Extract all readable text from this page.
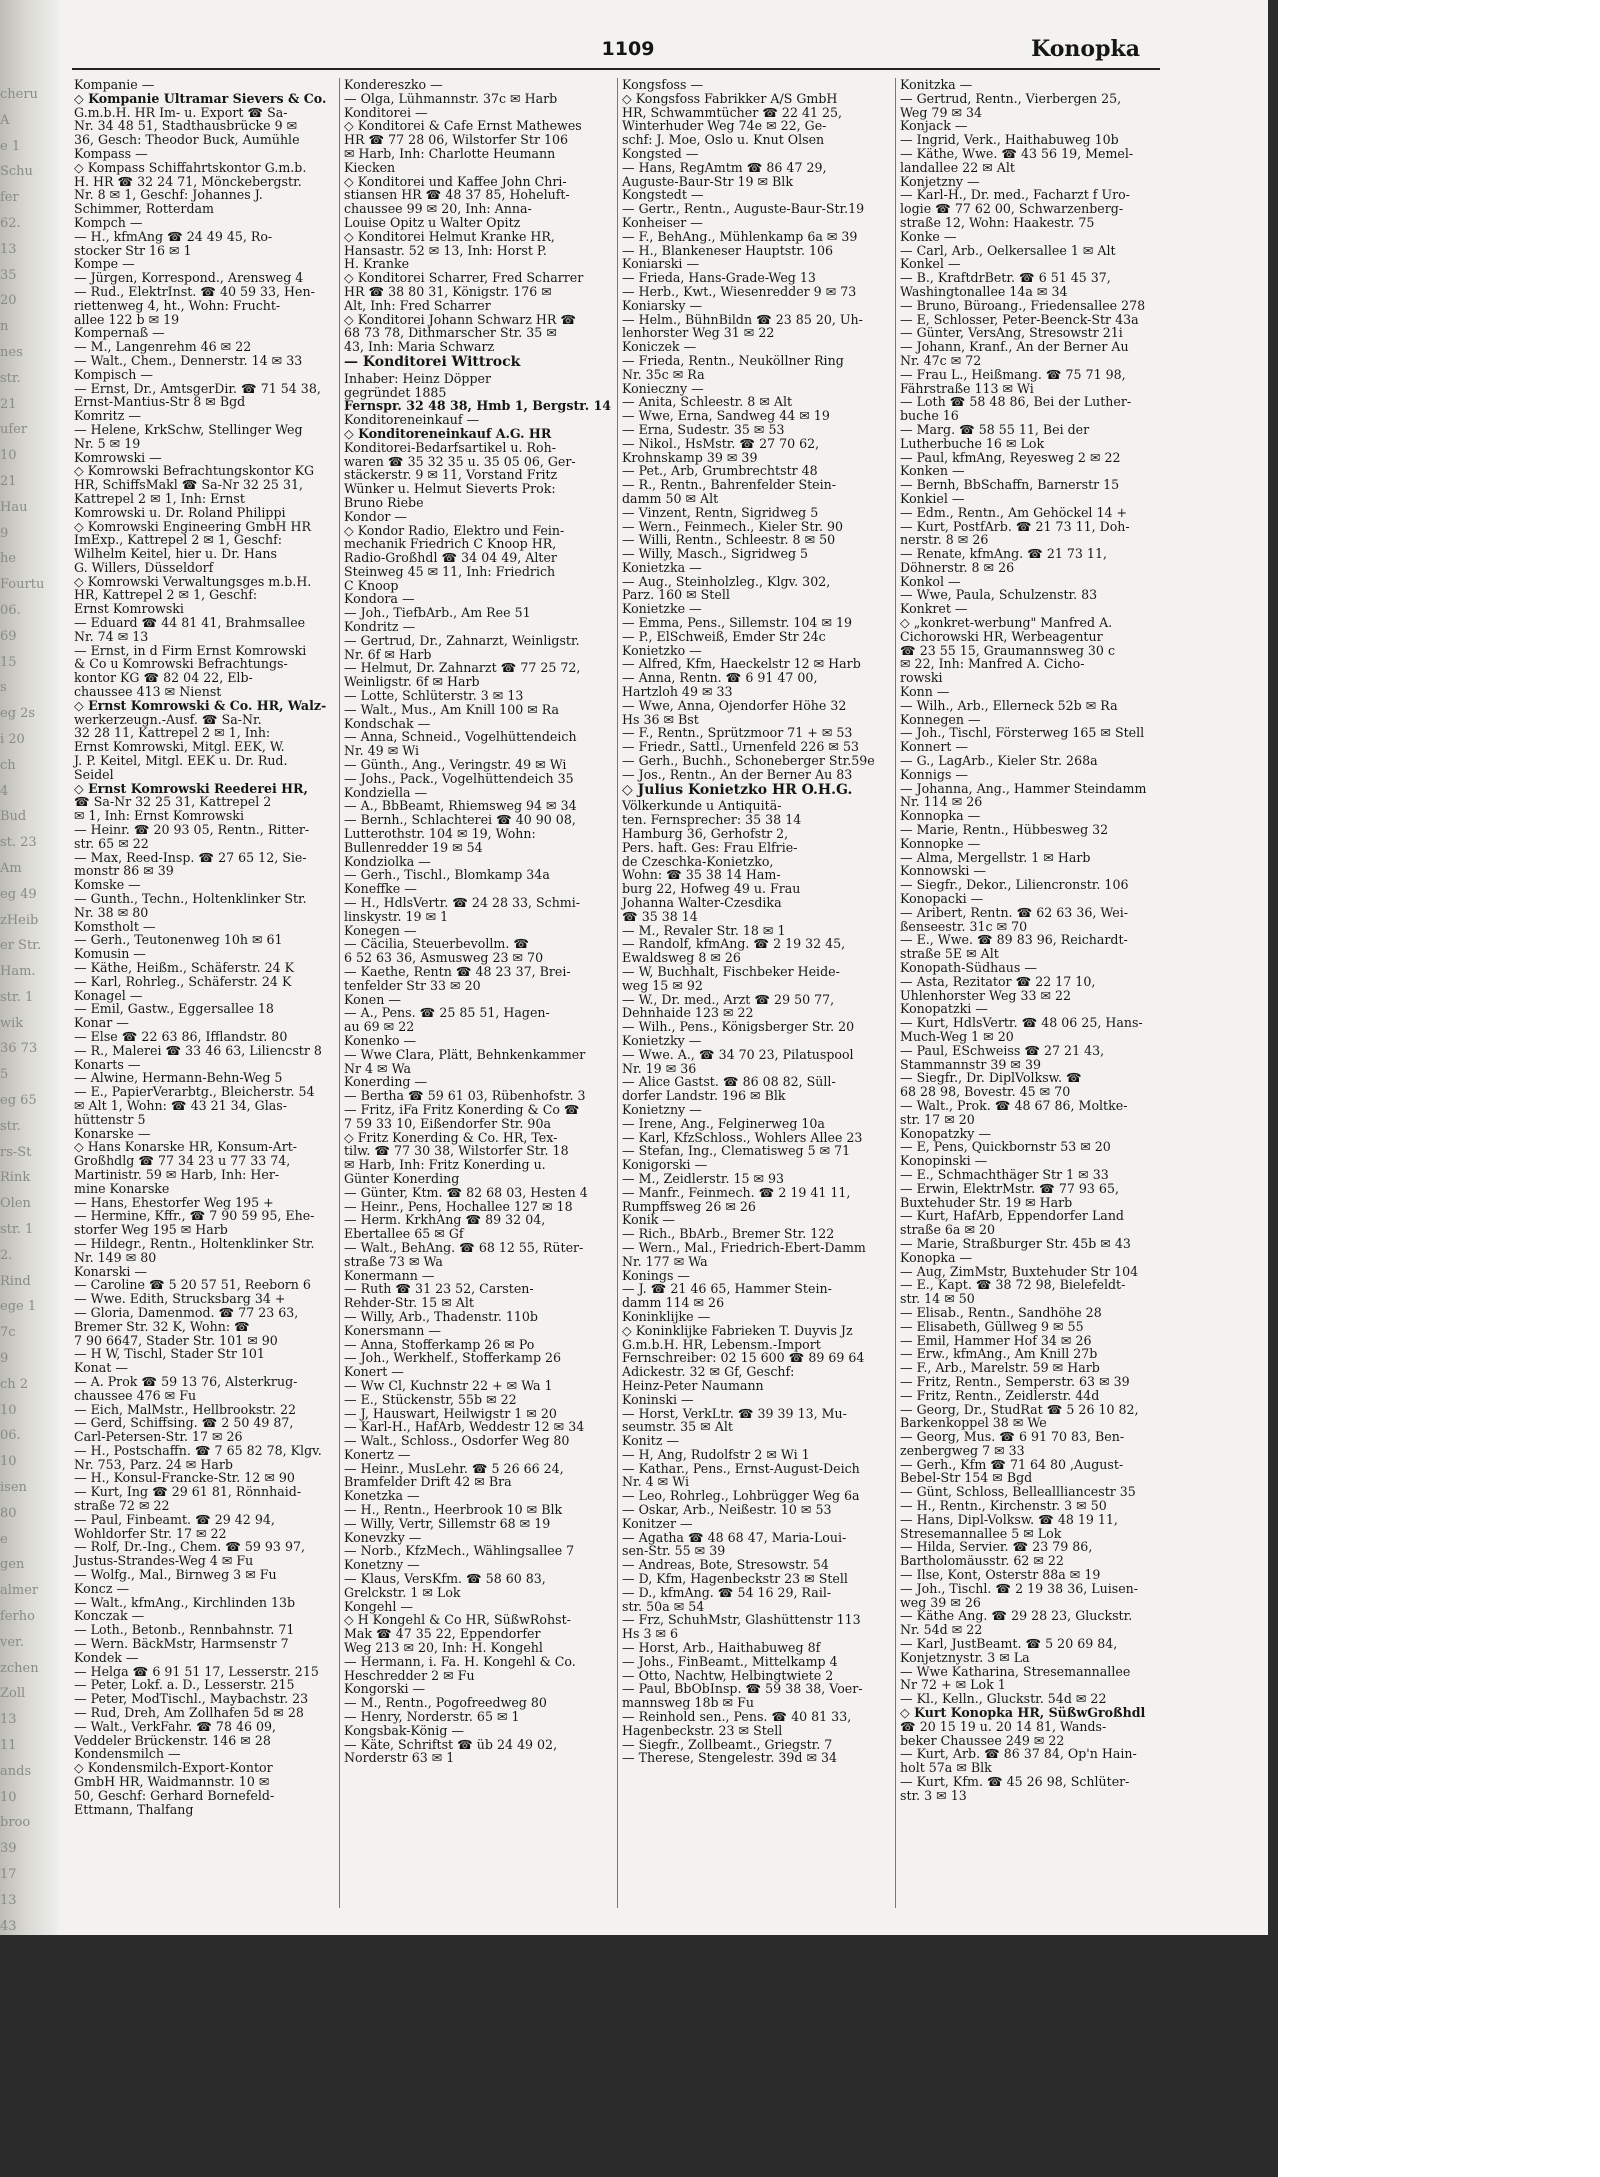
cheru
A
e 1
Schu
fer
62.
13
35
20
n
nes
str.
21
ufer
10
21
Hau
9
he
Fourtu
06.
69
15
s
eg 2s
i 20
ch
4
Bud
st. 23
Am
eg 49
zHeib
er Str.
Ham.
str. 1
wik
36 73
5
eg 65
str.
rs-St
Rink
Olen
str. 1
2.
Rind
ege 1
7c
9
ch 2
10
06.
10
isen
80
e
gen
almer
ferho
ver.
zchen
Zoll
13
11
ands
10
broo
39
17
13
43
1109	Konopka
Kompanie —
◇ Kompanie Ultramar Sievers & Co.
G.m.b.H. HR Im- u. Export ☎ Sa-
Nr. 34 48 51, Stadthausbrücke 9 ✉
36, Gesch: Theodor Buck, Aumühle
Kompass —
◇ Kompass Schiffahrtskontor G.m.b.
H. HR ☎ 32 24 71, Mönckebergstr.
Nr. 8 ✉ 1, Geschf: Johannes J.
Schimmer, Rotterdam
Kompch —
— H., kfmAng ☎ 24 49 45, Ro-
stocker Str 16 ✉ 1
Kompe —
— Jürgen, Korrespond., Arensweg 4
— Rud., ElektrInst. ☎ 40 59 33, Hen-
riettenweg 4, ht., Wohn: Frucht-
allee 122 b ✉ 19
Kompernaß —
— M., Langenrehm 46 ✉ 22
— Walt., Chem., Dennerstr. 14 ✉ 33
Kompisch —
— Ernst, Dr., AmtsgerDir. ☎ 71 54 38,
Ernst-Mantius-Str 8 ✉ Bgd
Komritz —
— Helene, KrkSchw, Stellinger Weg
Nr. 5 ✉ 19
Komrowski —
◇ Komrowski Befrachtungskontor KG
HR, SchiffsMakl ☎ Sa-Nr 32 25 31,
Kattrepel 2 ✉ 1, Inh: Ernst
Komrowski u. Dr. Roland Philippi
◇ Komrowski Engineering GmbH HR
ImExp., Kattrepel 2 ✉ 1, Geschf:
Wilhelm Keitel, hier u. Dr. Hans
G. Willers, Düsseldorf
◇ Komrowski Verwaltungsges m.b.H.
HR, Kattrepel 2 ✉ 1, Geschf:
Ernst Komrowski
— Eduard ☎ 44 81 41, Brahmsallee
Nr. 74 ✉ 13
— Ernst, in d Firm Ernst Komrowski
& Co u Komrowski Befrachtungs-
kontor KG ☎ 82 04 22, Elb-
chaussee 413 ✉ Nienst
◇ Ernst Komrowski & Co. HR, Walz-
werkerzeugn.-Ausf. ☎ Sa-Nr.
32 28 11, Kattrepel 2 ✉ 1, Inh:
Ernst Komrowski, Mitgl. EEK, W.
J. P. Keitel, Mitgl. EEK u. Dr. Rud.
Seidel
◇ Ernst Komrowski Reederei HR,
☎ Sa-Nr 32 25 31, Kattrepel 2
✉ 1, Inh: Ernst Komrowski
— Heinr. ☎ 20 93 05, Rentn., Ritter-
str. 65 ✉ 22
— Max, Reed-Insp. ☎ 27 65 12, Sie-
monstr 86 ✉ 39
Komske —
— Gunth., Techn., Holtenklinker Str.
Nr. 38 ✉ 80
Komstholt —
— Gerh., Teutonenweg 10h ✉ 61
Komusin —
— Käthe, Heißm., Schäferstr. 24 K
— Karl, Rohrleg., Schäferstr. 24 K
Konagel —
— Emil, Gastw., Eggersallee 18
Konar —
— Else ☎ 22 63 86, Ifflandstr. 80
— R., Malerei ☎ 33 46 63, Liliencstr 8
Konarts —
— Alwine, Hermann-Behn-Weg 5
— E., PapierVerarbtg., Bleicherstr. 54
✉ Alt 1, Wohn: ☎ 43 21 34, Glas-
hüttenstr 5
Konarske —
◇ Hans Konarske HR, Konsum-Art-
Großhdlg ☎ 77 34 23 u 77 33 74,
Martinistr. 59 ✉ Harb, Inh: Her-
mine Konarske
— Hans, Ehestorfer Weg 195 +
— Hermine, Kffr., ☎ 7 90 59 95, Ehe-
storfer Weg 195 ✉ Harb
— Hildegr., Rentn., Holtenklinker Str.
Nr. 149 ✉ 80
Konarski —
— Caroline ☎ 5 20 57 51, Reeborn 6
— Wwe. Edith, Strucksbarg 34 +
— Gloria, Damenmod. ☎ 77 23 63,
Bremer Str. 32 K, Wohn: ☎
7 90 6647, Stader Str. 101 ✉ 90
— H W, Tischl, Stader Str 101
Konat —
— A. Prok ☎ 59 13 76, Alsterkrug-
chaussee 476 ✉ Fu
— Eich, MalMstr., Hellbrookstr. 22
— Gerd, Schiffsing. ☎ 2 50 49 87,
Carl-Petersen-Str. 17 ✉ 26
— H., Postschaffn. ☎ 7 65 82 78, Klgv.
Nr. 753, Parz. 24 ✉ Harb
— H., Konsul-Francke-Str. 12 ✉ 90
— Kurt, Ing ☎ 29 61 81, Rönnhaid-
straße 72 ✉ 22
— Paul, Finbeamt. ☎ 29 42 94,
Wohldorfer Str. 17 ✉ 22
— Rolf, Dr.-Ing., Chem. ☎ 59 93 97,
Justus-Strandes-Weg 4 ✉ Fu
— Wolfg., Mal., Birnweg 3 ✉ Fu
Koncz —
— Walt., kfmAng., Kirchlinden 13b
Konczak —
— Loth., Betonb., Rennbahnstr. 71
— Wern. BäckMstr, Harmsenstr 7
Kondek —
— Helga ☎ 6 91 51 17, Lesserstr. 215
— Peter, Lokf. a. D., Lesserstr. 215
— Peter, ModTischl., Maybachstr. 23
— Rud, Dreh, Am Zollhafen 5d ✉ 28
— Walt., VerkFahr. ☎ 78 46 09,
Veddeler Brückenstr. 146 ✉ 28
Kondensmilch —
◇ Kondensmilch-Export-Kontor
GmbH HR, Waidmannstr. 10 ✉
50, Geschf: Gerhard Bornefeld-
Ettmann, Thalfang
Kondereszko —
— Olga, Lühmannstr. 37c ✉ Harb
Konditorei —
◇ Konditorei & Cafe Ernst Mathewes
HR ☎ 77 28 06, Wilstorfer Str 106
✉ Harb, Inh: Charlotte Heumann
Kiecken
◇ Konditorei und Kaffee John Chri-
stiansen HR ☎ 48 37 85, Hoheluft-
chaussee 99 ✉ 20, Inh: Anna-
Louise Opitz u Walter Opitz
◇ Konditorei Helmut Kranke HR,
Hansastr. 52 ✉ 13, Inh: Horst P.
H. Kranke
◇ Konditorei Scharrer, Fred Scharrer
HR ☎ 38 80 31, Königstr. 176 ✉
Alt, Inh: Fred Scharrer
◇ Konditorei Johann Schwarz HR ☎
68 73 78, Dithmarscher Str. 35 ✉
43, Inh: Maria Schwarz
— Konditorei Wittrock
Inhaber: Heinz Döpper
gegründet 1885
Fernspr. 32 48 38, Hmb 1, Bergstr. 14
Konditoreneinkauf —
◇ Konditoreneinkauf A.G. HR
Konditorei-Bedarfsartikel u. Roh-
waren ☎ 35 32 35 u. 35 05 06, Ger-
stäckerstr. 9 ✉ 11, Vorstand Fritz
Wünker u. Helmut Sieverts Prok:
Bruno Riebe
Kondor —
◇ Kondor Radio, Elektro und Fein-
mechanik Friedrich C Knoop HR,
Radio-Großhdl ☎ 34 04 49, Alter
Steinweg 45 ✉ 11, Inh: Friedrich
C Knoop
Kondora —
— Joh., TiefbArb., Am Ree 51
Kondritz —
— Gertrud, Dr., Zahnarzt, Weinligstr.
Nr. 6f ✉ Harb
— Helmut, Dr. Zahnarzt ☎ 77 25 72,
Weinligstr. 6f ✉ Harb
— Lotte, Schlüterstr. 3 ✉ 13
— Walt., Mus., Am Knill 100 ✉ Ra
Kondschak —
— Anna, Schneid., Vogelhüttendeich
Nr. 49 ✉ Wi
— Günth., Ang., Veringstr. 49 ✉ Wi
— Johs., Pack., Vogelhüttendeich 35
Kondziella —
— A., BbBeamt, Rhiemsweg 94 ✉ 34
— Bernh., Schlachterei ☎ 40 90 08,
Lutterothstr. 104 ✉ 19, Wohn:
Bullenredder 19 ✉ 54
Kondziolka —
— Gerh., Tischl., Blomkamp 34a
Koneffke —
— H., HdlsVertr. ☎ 24 28 33, Schmi-
linskystr. 19 ✉ 1
Konegen —
— Cäcilia, Steuerbevollm. ☎
6 52 63 36, Asmusweg 23 ✉ 70
— Kaethe, Rentn ☎ 48 23 37, Brei-
tenfelder Str 33 ✉ 20
Konen —
— A., Pens. ☎ 25 85 51, Hagen-
au 69 ✉ 22
Konenko —
— Wwe Clara, Plätt, Behnkenkammer
Nr 4 ✉ Wa
Konerding —
— Bertha ☎ 59 61 03, Rübenhofstr. 3
— Fritz, iFa Fritz Konerding & Co ☎
7 59 33 10, Eißendorfer Str. 90a
◇ Fritz Konerding & Co. HR, Tex-
tilw. ☎ 77 30 38, Wilstorfer Str. 18
✉ Harb, Inh: Fritz Konerding u.
Günter Konerding
— Günter, Ktm. ☎ 82 68 03, Hesten 4
— Heinr., Pens, Hochallee 127 ✉ 18
— Herm. KrkhAng ☎ 89 32 04,
Ebertallee 65 ✉ Gf
— Walt., BehAng. ☎ 68 12 55, Rüter-
straße 73 ✉ Wa
Konermann —
— Ruth ☎ 31 23 52, Carsten-
Rehder-Str. 15 ✉ Alt
— Willy, Arb., Thadenstr. 110b
Konersmann —
— Anna, Stofferkamp 26 ✉ Po
— Joh., Werkhelf., Stofferkamp 26
Konert —
— Ww Cl, Kuchnstr 22 + ✉ Wa 1
— E., Stückenstr, 55b ✉ 22
— J, Hauswart, Heilwigstr 1 ✉ 20
— Karl-H., HafArb, Weddestr 12 ✉ 34
— Walt., Schloss., Osdorfer Weg 80
Konertz —
— Heinr., MusLehr. ☎ 5 26 66 24,
Bramfelder Drift 42 ✉ Bra
Konetzka —
— H., Rentn., Heerbrook 10 ✉ Blk
— Willy, Vertr, Sillemstr 68 ✉ 19
Konevzky —
— Norb., KfzMech., Wählingsallee 7
Konetzny —
— Klaus, VersKfm. ☎ 58 60 83,
Grelckstr. 1 ✉ Lok
Kongehl —
◇ H Kongehl & Co HR, SüßwRohst-
Mak ☎ 47 35 22, Eppendorfer
Weg 213 ✉ 20, Inh: H. Kongehl
— Hermann, i. Fa. H. Kongehl & Co.
Heschredder 2 ✉ Fu
Kongorski —
— M., Rentn., Pogofreedweg 80
— Henry, Norderstr. 65 ✉ 1
Kongsbak-König —
— Käte, Schriftst ☎ üb 24 49 02,
Norderstr 63 ✉ 1
Kongsfoss —
◇ Kongsfoss Fabrikker A/S GmbH
HR, Schwammtücher ☎ 22 41 25,
Winterhuder Weg 74e ✉ 22, Ge-
schf: J. Moe, Oslo u. Knut Olsen
Kongsted —
— Hans, RegAmtm ☎ 86 47 29,
Auguste-Baur-Str 19 ✉ Blk
Kongstedt —
— Gertr., Rentn., Auguste-Baur-Str.19
Konheiser —
— F., BehAng., Mühlenkamp 6a ✉ 39
— H., Blankeneser Hauptstr. 106
Koniarski —
— Frieda, Hans-Grade-Weg 13
— Herb., Kwt., Wiesenredder 9 ✉ 73
Koniarsky —
— Helm., BühnBildn ☎ 23 85 20, Uh-
lenhorster Weg 31 ✉ 22
Koniczek —
— Frieda, Rentn., Neuköllner Ring
Nr. 35c ✉ Ra
Konieczny —
— Anita, Schleestr. 8 ✉ Alt
— Wwe, Erna, Sandweg 44 ✉ 19
— Erna, Sudestr. 35 ✉ 53
— Nikol., HsMstr. ☎ 27 70 62,
Krohnskamp 39 ✉ 39
— Pet., Arb, Grumbrechtstr 48
— R., Rentn., Bahrenfelder Stein-
damm 50 ✉ Alt
— Vinzent, Rentn, Sigridweg 5
— Wern., Feinmech., Kieler Str. 90
— Willi, Rentn., Schleestr. 8 ✉ 50
— Willy, Masch., Sigridweg 5
Konietzka —
— Aug., Steinholzleg., Klgv. 302,
Parz. 160 ✉ Stell
Konietzke —
— Emma, Pens., Sillemstr. 104 ✉ 19
— P., ElSchweiß, Emder Str 24c
Konietzko —
— Alfred, Kfm, Haeckelstr 12 ✉ Harb
— Anna, Rentn. ☎ 6 91 47 00,
Hartzloh 49 ✉ 33
— Wwe, Anna, Ojendorfer Höhe 32
Hs 36 ✉ Bst
— F., Rentn., Sprützmoor 71 + ✉ 53
— Friedr., Sattl., Urnenfeld 226 ✉ 53
— Gerh., Buchh., Schoneberger Str.59e
— Jos., Rentn., An der Berner Au 83
◇ Julius Konietzko HR O.H.G.
Völkerkunde u Antiquitä-
ten. Fernsprecher: 35 38 14
Hamburg 36, Gerhofstr 2,
Pers. haft. Ges: Frau Elfrie-
de Czeschka-Konietzko,
Wohn: ☎ 35 38 14 Ham-
burg 22, Hofweg 49 u. Frau
Johanna Walter-Czesdika
☎ 35 38 14
— M., Revaler Str. 18 ✉ 1
— Randolf, kfmAng. ☎ 2 19 32 45,
Ewaldsweg 8 ✉ 26
— W, Buchhalt, Fischbeker Heide-
weg 15 ✉ 92
— W., Dr. med., Arzt ☎ 29 50 77,
Dehnhaide 123 ✉ 22
— Wilh., Pens., Königsberger Str. 20
Konietzky —
— Wwe. A., ☎ 34 70 23, Pilatuspool
Nr. 19 ✉ 36
— Alice Gastst. ☎ 86 08 82, Süll-
dorfer Landstr. 196 ✉ Blk
Konietzny —
— Irene, Ang., Felginerweg 10a
— Karl, KfzSchloss., Wohlers Allee 23
— Stefan, Ing., Clematisweg 5 ✉ 71
Konigorski —
— M., Zeidlerstr. 15 ✉ 93
— Manfr., Feinmech. ☎ 2 19 41 11,
Rumpffsweg 26 ✉ 26
Konik —
— Rich., BbArb., Bremer Str. 122
— Wern., Mal., Friedrich-Ebert-Damm
Nr. 177 ✉ Wa
Konings —
— J. ☎ 21 46 65, Hammer Stein-
damm 114 ✉ 26
Koninklijke —
◇ Koninklijke Fabrieken T. Duyvis Jz
G.m.b.H. HR, Lebensm.-Import
Fernschreiber: 02 15 600 ☎ 89 69 64
Adickestr. 32 ✉ Gf, Geschf:
Heinz-Peter Naumann
Koninski —
— Horst, VerkLtr. ☎ 39 39 13, Mu-
seumstr. 35 ✉ Alt
Konitz —
— H, Ang, Rudolfstr 2 ✉ Wi 1
— Kathar., Pens., Ernst-August-Deich
Nr. 4 ✉ Wi
— Leo, Rohrleg., Lohbrügger Weg 6a
— Oskar, Arb., Neißestr. 10 ✉ 53
Konitzer —
— Agatha ☎ 48 68 47, Maria-Loui-
sen-Str. 55 ✉ 39
— Andreas, Bote, Stresowstr. 54
— D, Kfm, Hagenbeckstr 23 ✉ Stell
— D., kfmAng. ☎ 54 16 29, Rail-
str. 50a ✉ 54
— Frz, SchuhMstr, Glashüttenstr 113
Hs 3 ✉ 6
— Horst, Arb., Haithabuweg 8f
— Johs., FinBeamt., Mittelkamp 4
— Otto, Nachtw, Helbingtwiete 2
— Paul, BbObInsp. ☎ 59 38 38, Voer-
mannsweg 18b ✉ Fu
— Reinhold sen., Pens. ☎ 40 81 33,
Hagenbeckstr. 23 ✉ Stell
— Siegfr., Zollbeamt., Griegstr. 7
— Therese, Stengelestr. 39d ✉ 34
Konitzka —
— Gertrud, Rentn., Vierbergen 25,
Weg 79 ✉ 34
Konjack —
— Ingrid, Verk., Haithabuweg 10b
— Käthe, Wwe. ☎ 43 56 19, Memel-
landallee 22 ✉ Alt
Konjetzny —
— Karl-H., Dr. med., Facharzt f Uro-
logie ☎ 77 62 00, Schwarzenberg-
straße 12, Wohn: Haakestr. 75
Konke —
— Carl, Arb., Oelkersallee 1 ✉ Alt
Konkel —
— B., KraftdrBetr. ☎ 6 51 45 37,
Washingtonallee 14a ✉ 34
— Bruno, Büroang., Friedensallee 278
— E, Schlosser, Peter-Beenck-Str 43a
— Günter, VersAng, Stresowstr 21i
— Johann, Kranf., An der Berner Au
Nr. 47c ✉ 72
— Frau L., Heißmang. ☎ 75 71 98,
Fährstraße 113 ✉ Wi
— Loth ☎ 58 48 86, Bei der Luther-
buche 16
— Marg. ☎ 58 55 11, Bei der
Lutherbuche 16 ✉ Lok
— Paul, kfmAng, Reyesweg 2 ✉ 22
Konken —
— Bernh, BbSchaffn, Barnerstr 15
Konkiel —
— Edm., Rentn., Am Gehöckel 14 +
— Kurt, PostfArb. ☎ 21 73 11, Doh-
nerstr. 8 ✉ 26
— Renate, kfmAng. ☎ 21 73 11,
Döhnerstr. 8 ✉ 26
Konkol —
— Wwe, Paula, Schulzenstr. 83
Konkret —
◇ „konkret-werbung" Manfred A.
Cichorowski HR, Werbeagentur
☎ 23 55 15, Graumannsweg 30 c
✉ 22, Inh: Manfred A. Cicho-
rowski
Konn —
— Wilh., Arb., Ellerneck 52b ✉ Ra
Konnegen —
— Joh., Tischl, Försterweg 165 ✉ Stell
Konnert —
— G., LagArb., Kieler Str. 268a
Konnigs —
— Johanna, Ang., Hammer Steindamm
Nr. 114 ✉ 26
Konnopka —
— Marie, Rentn., Hübbesweg 32
Konnopke —
— Alma, Mergellstr. 1 ✉ Harb
Konnowski —
— Siegfr., Dekor., Liliencronstr. 106
Konopacki —
— Aribert, Rentn. ☎ 62 63 36, Wei-
ßenseestr. 31c ✉ 70
— E., Wwe. ☎ 89 83 96, Reichardt-
straße 5E ✉ Alt
Konopath-Südhaus —
— Asta, Rezitator ☎ 22 17 10,
Uhlenhorster Weg 33 ✉ 22
Konopatzki —
— Kurt, HdlsVertr. ☎ 48 06 25, Hans-
Much-Weg 1 ✉ 20
— Paul, ESchweiss ☎ 27 21 43,
Stammannstr 39 ✉ 39
— Siegfr., Dr. DiplVolksw. ☎
68 28 98, Bovestr. 45 ✉ 70
— Walt., Prok. ☎ 48 67 86, Moltke-
str. 17 ✉ 20
Konopatzky —
— E, Pens, Quickbornstr 53 ✉ 20
Konopinski —
— E., Schmachthäger Str 1 ✉ 33
— Erwin, ElektrMstr. ☎ 77 93 65,
Buxtehuder Str. 19 ✉ Harb
— Kurt, HafArb, Eppendorfer Land
straße 6a ✉ 20
— Marie, Straßburger Str. 45b ✉ 43
Konopka —
— Aug, ZimMstr, Buxtehuder Str 104
— E., Kapt. ☎ 38 72 98, Bielefeldt-
str. 14 ✉ 50
— Elisab., Rentn., Sandhöhe 28
— Elisabeth, Güllweg 9 ✉ 55
— Emil, Hammer Hof 34 ✉ 26
— Erw., kfmAng., Am Knill 27b
— F., Arb., Marelstr. 59 ✉ Harb
— Fritz, Rentn., Semperstr. 63 ✉ 39
— Fritz, Rentn., Zeidlerstr. 44d
— Georg, Dr., StudRat ☎ 5 26 10 82,
Barkenkoppel 38 ✉ We
— Georg, Mus. ☎ 6 91 70 83, Ben-
zenbergweg 7 ✉ 33
— Gerh., Kfm ☎ 71 64 80 ,August-
Bebel-Str 154 ✉ Bgd
— Günt, Schloss, Belleallliancestr 35
— H., Rentn., Kirchenstr. 3 ✉ 50
— Hans, Dipl-Volksw. ☎ 48 19 11,
Stresemannallee 5 ✉ Lok
— Hilda, Servier. ☎ 23 79 86,
Bartholomäusstr. 62 ✉ 22
— Ilse, Kont, Osterstr 88a ✉ 19
— Joh., Tischl. ☎ 2 19 38 36, Luisen-
weg 39 ✉ 26
— Käthe Ang. ☎ 29 28 23, Gluckstr.
Nr. 54d ✉ 22
— Karl, JustBeamt. ☎ 5 20 69 84,
Konjetznystr. 3 ✉ La
— Wwe Katharina, Stresemannallee
Nr 72 + ✉ Lok 1
— Kl., Kelln., Gluckstr. 54d ✉ 22
◇ Kurt Konopka HR, SüßwGroßhdl
☎ 20 15 19 u. 20 14 81, Wands-
beker Chaussee 249 ✉ 22
— Kurt, Arb. ☎ 86 37 84, Op'n Hain-
holt 57a ✉ Blk
— Kurt, Kfm. ☎ 45 26 98, Schlüter-
str. 3 ✉ 13
